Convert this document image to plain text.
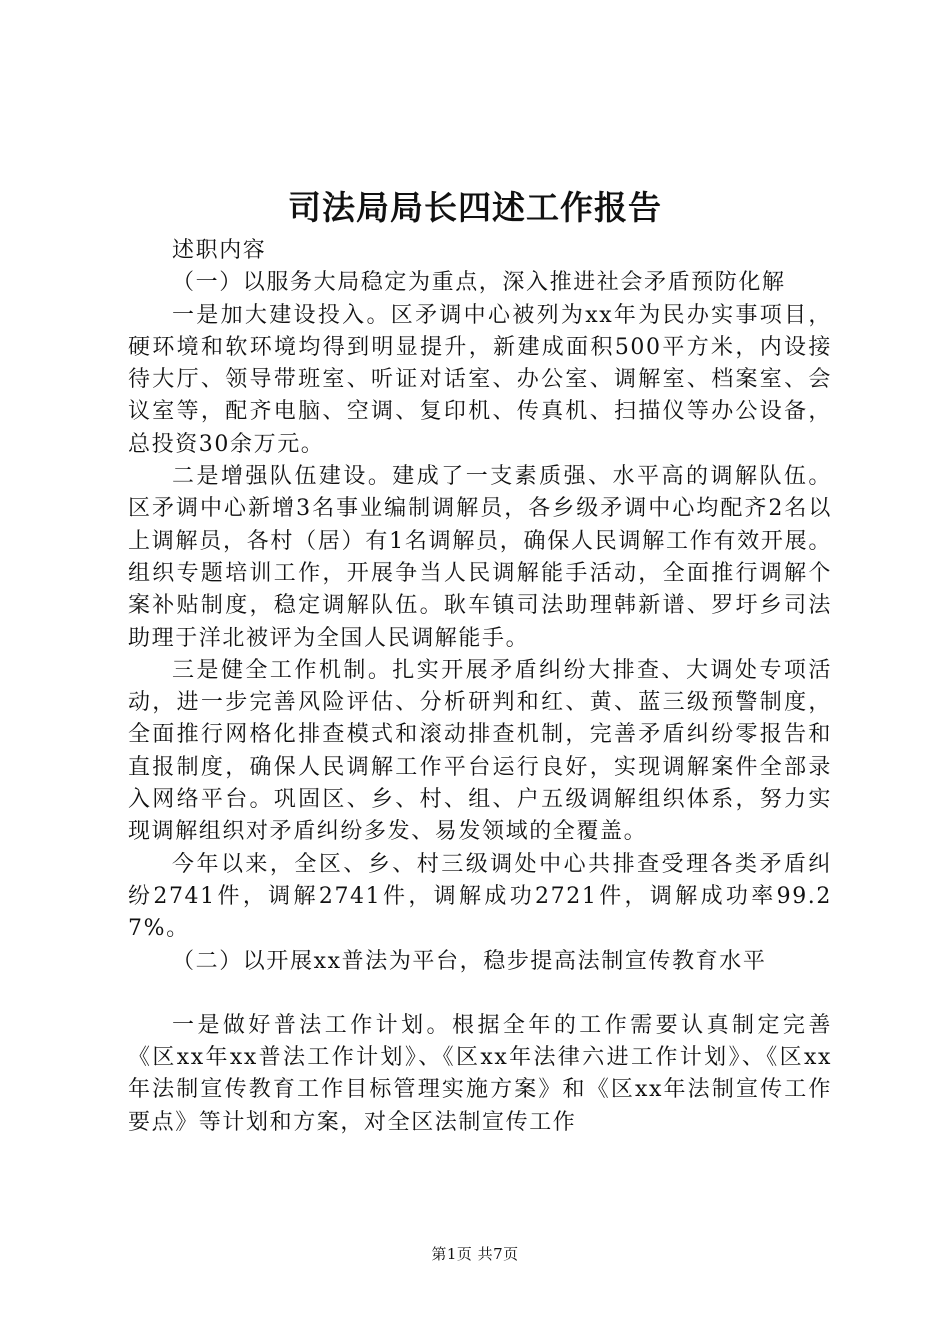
司法局局长四述工作报告

述职内容

（一）以服务大局稳定为重点，深入推进社会矛盾预防化解

一是加大建设投入。区矛调中心被列为xx年为民办实事项目，硬环境和软环境均得到明显提升，新建成面积500平方米，内设接待大厅、领导带班室、听证对话室、办公室、调解室、档案室、会议室等，配齐电脑、空调、复印机、传真机、扫描仪等办公设备，总投资30余万元。

二是增强队伍建设。建成了一支素质强、水平高的调解队伍。区矛调中心新增3名事业编制调解员，各乡级矛调中心均配齐2名以上调解员，各村（居）有1名调解员，确保人民调解工作有效开展。组织专题培训工作，开展争当人民调解能手活动，全面推行调解个案补贴制度，稳定调解队伍。耿车镇司法助理韩新谱、罗圩乡司法助理于洋北被评为全国人民调解能手。

三是健全工作机制。扎实开展矛盾纠纷大排查、大调处专项活动，进一步完善风险评估、分析研判和红、黄、蓝三级预警制度，全面推行网格化排查模式和滚动排查机制，完善矛盾纠纷零报告和直报制度，确保人民调解工作平台运行良好，实现调解案件全部录入网络平台。巩固区、乡、村、组、户五级调解组织体系，努力实现调解组织对矛盾纠纷多发、易发领域的全覆盖。

今年以来，全区、乡、村三级调处中心共排查受理各类矛盾纠纷2741件，调解2741件，调解成功2721件，调解成功率99.27%。

（二）以开展xx普法为平台，稳步提高法制宣传教育水平

一是做好普法工作计划。根据全年的工作需要认真制定完善《区xx年xx普法工作计划》、《区xx年法律六进工作计划》、《区xx年法制宣传教育工作目标管理实施方案》和《区xx年法制宣传工作要点》等计划和方案，对全区法制宣传工作

第1页 共7页
